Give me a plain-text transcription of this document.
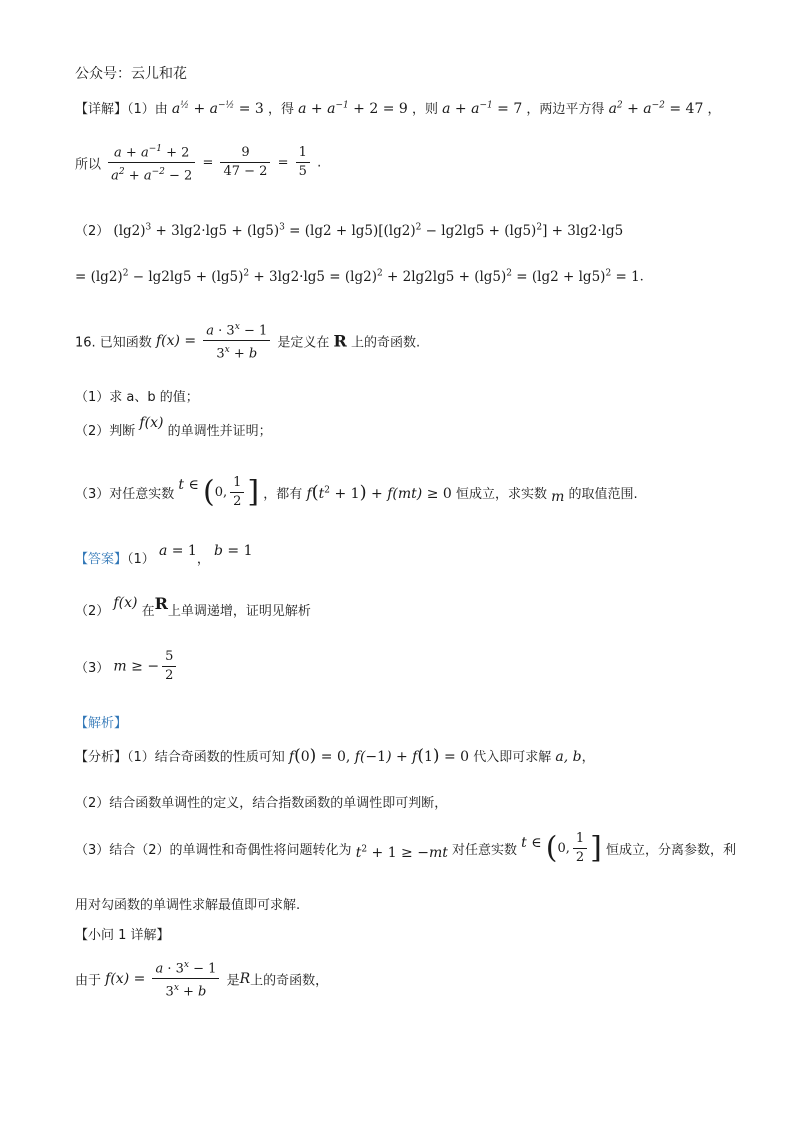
公众号：云儿和花
【详解】（1）由 $a^{\frac{1}{2}} + a^{-\frac{1}{2}} = 3$ ，得 $a + a^{-1} + 2 = 9$ ，则 $a + a^{-1} = 7$ ，两边平方得 $a^2 + a^{-2} = 47$ ，
所以 $\frac{a + a^{-1} + 2}{a^2 + a^{-2} - 2} = \frac{9}{47 - 2} = \frac{1}{5}$ .
（2） $(\lg 2)^3 + 3\lg 2\cdot\lg 5 + (\lg 5)^3 = (\lg 2 + \lg 5)[(\lg 2)^2 - \lg 2\lg 5 + (\lg 5)^2] + 3\lg 2\cdot\lg 5$
= $(\lg 2)^2 - \lg 2\lg 5 + (\lg 5)^2 + 3\lg 2\cdot\lg 5 = (\lg 2)^2 + 2\lg 2\lg 5 + (\lg 5)^2 = (\lg 2 + \lg 5)^2 = 1$.
16. 已知函数 $f(x) = \frac{a \cdot 3^x - 1}{3^x + b}$ 是定义在 R 上的奇函数.
（1）求 a、b 的值；
（2）判断 f(x) 的单调性并证明；
（3）对任意实数 t ∈ (0, $\frac{1}{2}$ ] ，都有 $f(t^2 + 1) + f(mt) \ge 0$ 恒成立，求实数 m 的取值范围.
【答案】（1） a = 1， b = 1
（2） f(x) 在R上单调递增，证明见解析
（3） m ≥ − $\frac{5}{2}$
【解析】
【分析】（1）结合奇函数的性质可知 f(0) = 0, f(−1) + f(1) = 0 代入即可求解 a, b，
（2）结合函数单调性的定义，结合指数函数的单调性即可判断，
（3）结合（2）的单调性和奇偶性将问题转化为 $t^2 + 1 \ge -mt$ 对任意实数 t ∈ (0, $\frac{1}{2}$ ] 恒成立，分离参数，利
用对勾函数的单调性求解最值即可求解.
【小问 1 详解】
由于 $f(x) = \frac{a \cdot 3^x - 1}{3^x + b}$ 是R上的奇函数，
